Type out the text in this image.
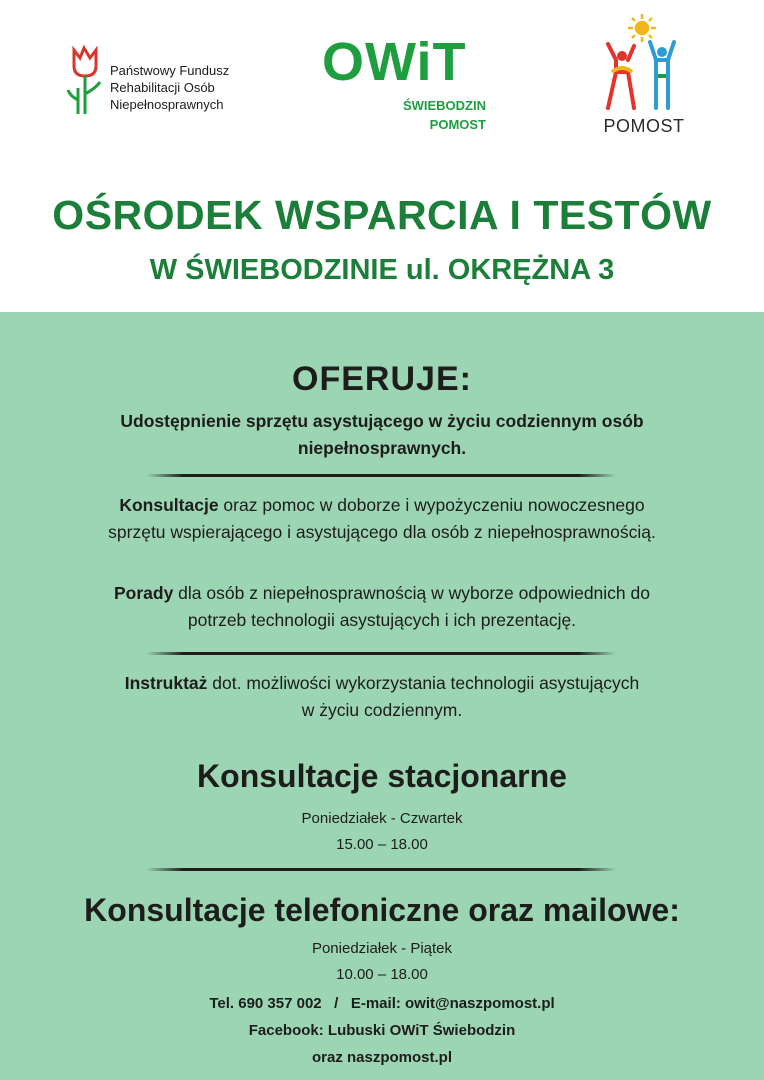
Państwowy Fundusz
Rehabilitacji Osób
Niepełnosprawnych
OWiT
ŚWIEBODZIN
POMOST	POMOST
OŚRODEK WSPARCIA I TESTÓW
W ŚWIEBODZINIE ul. OKRĘŻNA 3
OFERUJE:
Udostępnienie sprzętu asystującego w życiu codziennym osób
niepełnosprawnych.
Konsultacje oraz pomoc w doborze i wypożyczeniu nowoczesnego
sprzętu wspierającego i asystującego dla osób z niepełnosprawnością.
Porady dla osób z niepełnosprawnością w wyborze odpowiednich do
potrzeb technologii asystujących i ich prezentację.
Instruktaż dot. możliwości wykorzystania technologii asystujących
w życiu codziennym.
Konsultacje stacjonarne
Poniedziałek - Czwartek
15.00 – 18.00
Konsultacje telefoniczne oraz mailowe:
Poniedziałek - Piątek
10.00 – 18.00
Tel. 690 357 002 / E-mail: owit@naszpomost.pl
Facebook: Lubuski OWiT Świebodzin
oraz naszpomost.pl
